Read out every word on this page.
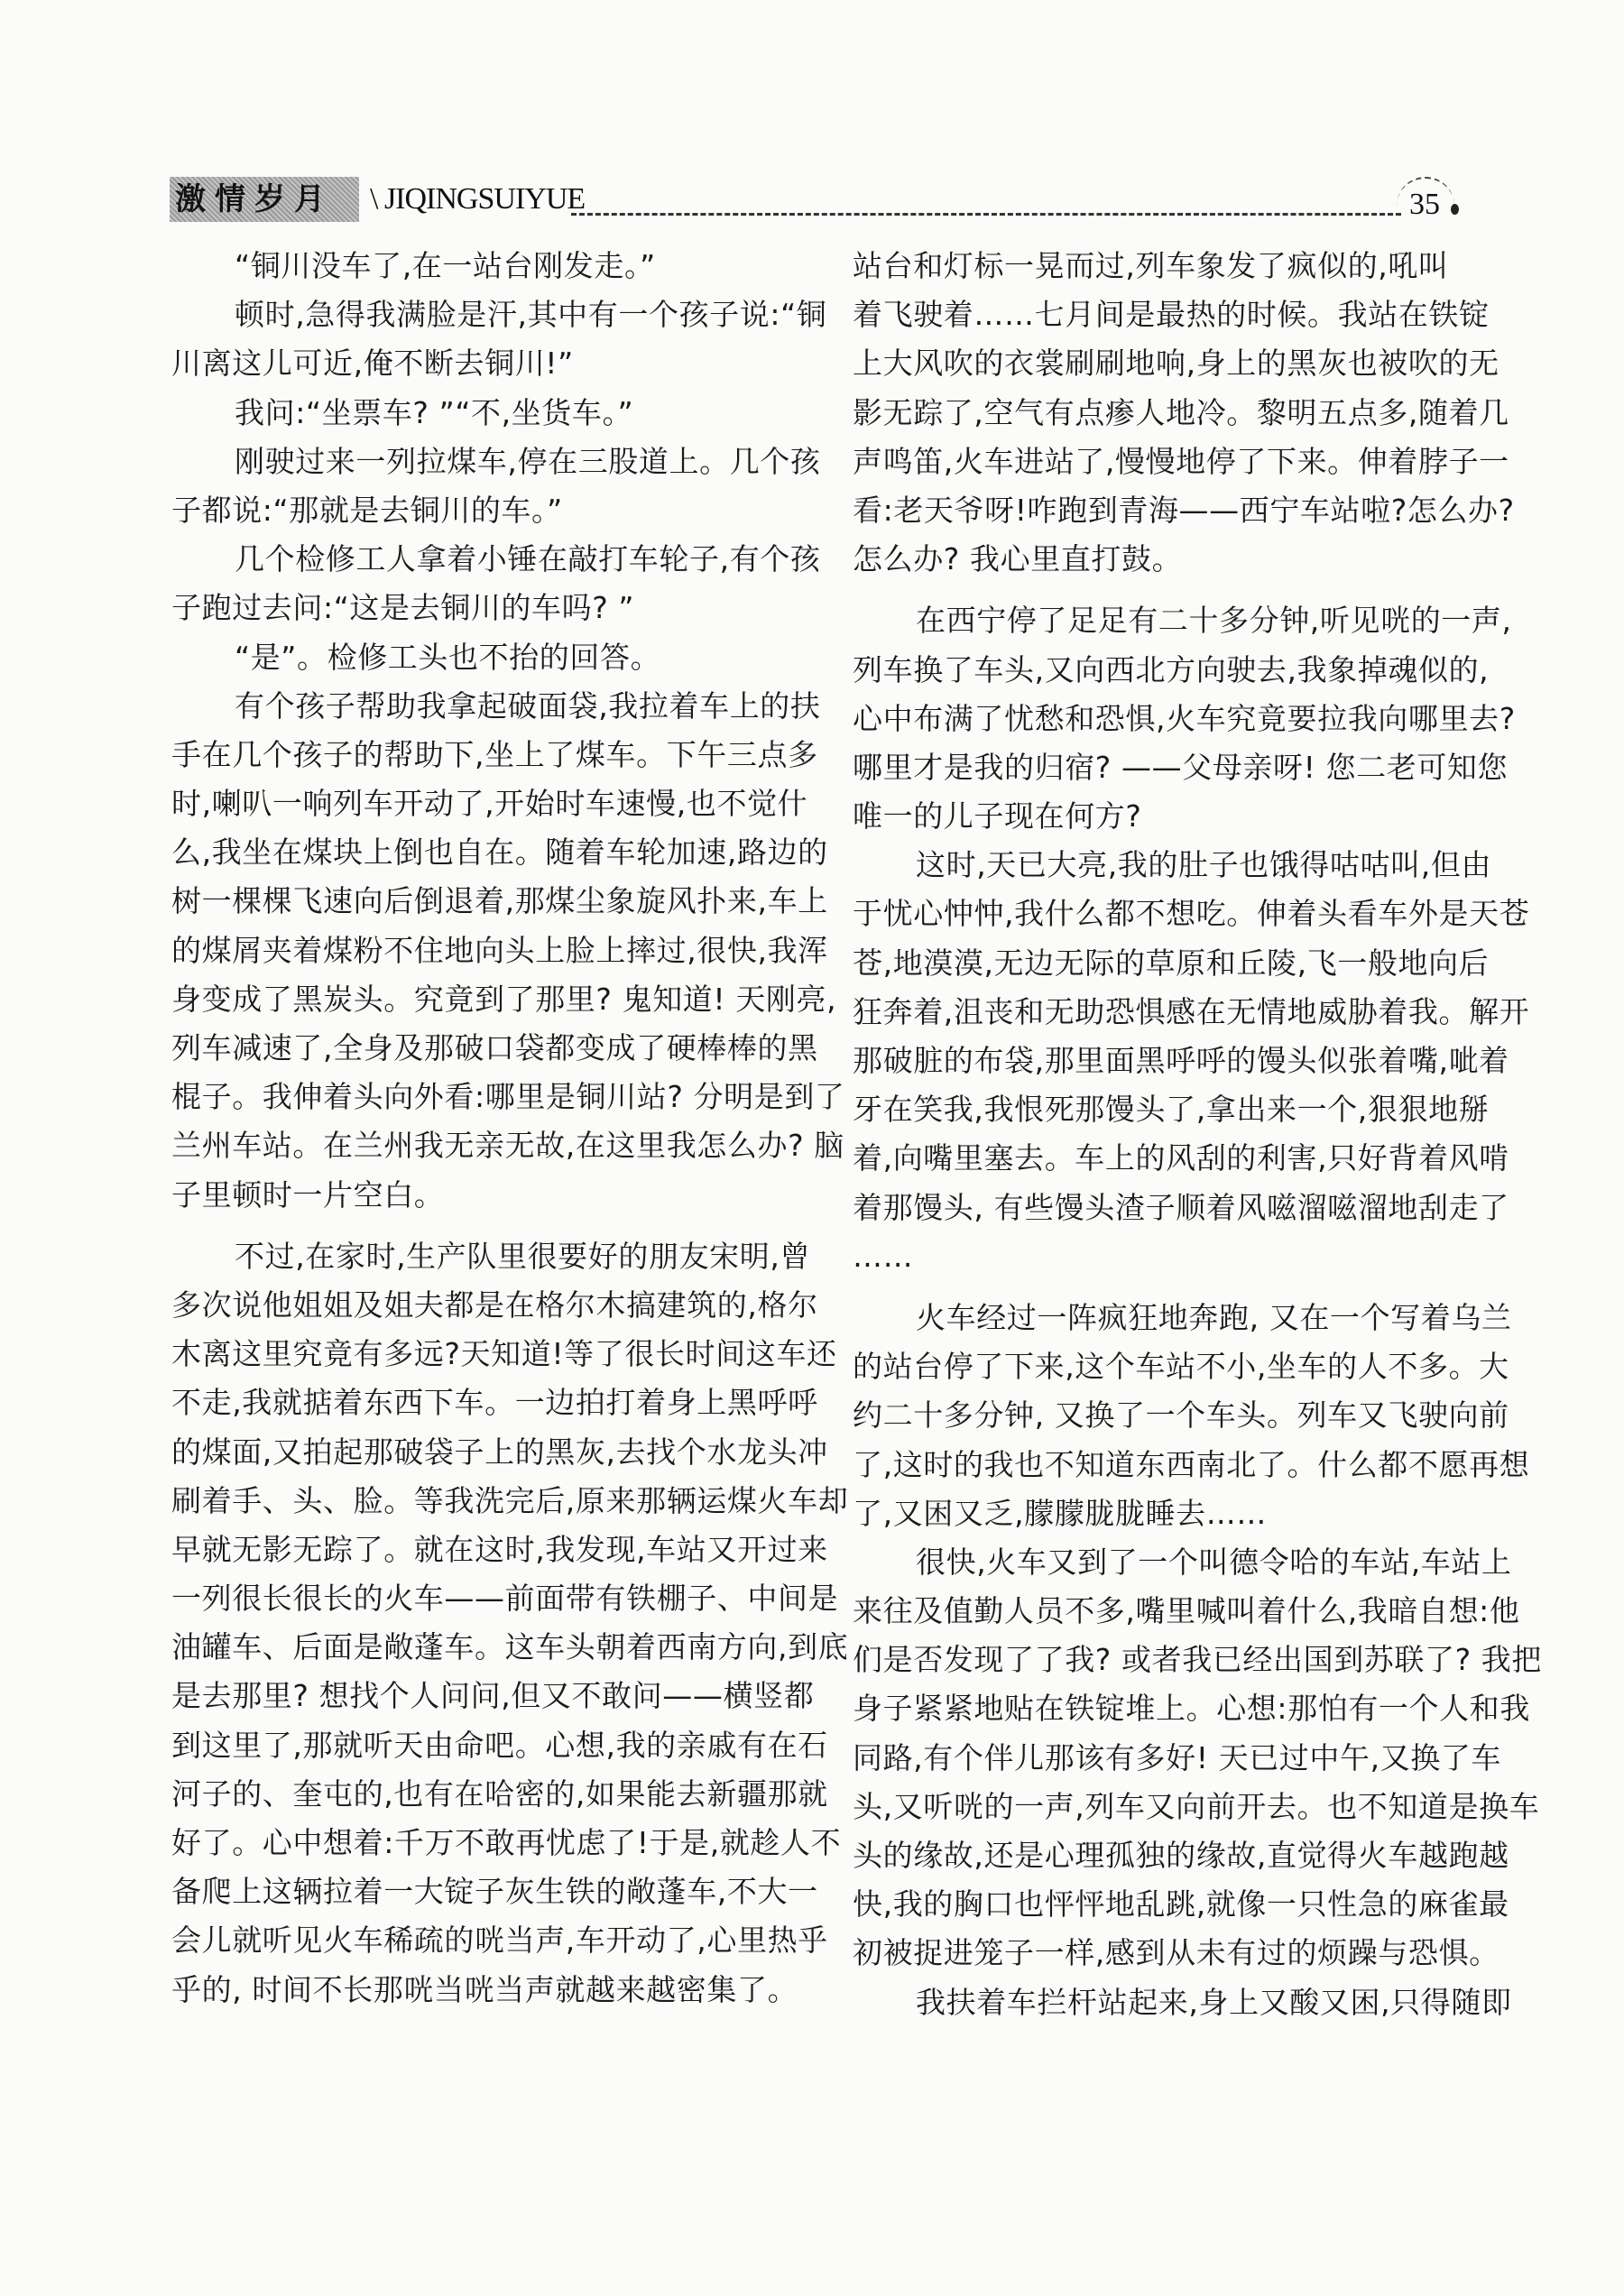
激情岁月	\ JIQINGSUIYUE	35
“铜川没车了,在一站台刚发走。”
顿时,急得我满脸是汗,其中有一个孩子说:“铜
川离这儿可近,俺不断去铜川!”
我问:“坐票车? ”“不,坐货车。”
刚驶过来一列拉煤车,停在三股道上。几个孩
子都说:“那就是去铜川的车。”
几个检修工人拿着小锤在敲打车轮子,有个孩
子跑过去问:“这是去铜川的车吗? ”
“是”。检修工头也不抬的回答。
有个孩子帮助我拿起破面袋,我拉着车上的扶
手在几个孩子的帮助下,坐上了煤车。下午三点多
时,喇叭一响列车开动了,开始时车速慢,也不觉什
么,我坐在煤块上倒也自在。随着车轮加速,路边的
树一棵棵飞速向后倒退着,那煤尘象旋风扑来,车上
的煤屑夹着煤粉不住地向头上脸上摔过,很快,我浑
身变成了黑炭头。究竟到了那里? 鬼知道! 天刚亮,
列车减速了,全身及那破口袋都变成了硬棒棒的黑
棍子。我伸着头向外看:哪里是铜川站? 分明是到了
兰州车站。在兰州我无亲无故,在这里我怎么办? 脑
子里顿时一片空白。
不过,在家时,生产队里很要好的朋友宋明,曾
多次说他姐姐及姐夫都是在格尔木搞建筑的,格尔
木离这里究竟有多远?天知道!等了很长时间这车还
不走,我就掂着东西下车。一边拍打着身上黑呼呼
的煤面,又拍起那破袋子上的黑灰,去找个水龙头冲
刷着手、头、脸。等我洗完后,原来那辆运煤火车却
早就无影无踪了。就在这时,我发现,车站又开过来
一列很长很长的火车——前面带有铁棚子、中间是
油罐车、后面是敞蓬车。这车头朝着西南方向,到底
是去那里? 想找个人问问,但又不敢问——横竖都
到这里了,那就听天由命吧。心想,我的亲戚有在石
河子的、奎屯的,也有在哈密的,如果能去新疆那就
好了。心中想着:千万不敢再忧虑了!于是,就趁人不
备爬上这辆拉着一大锭子灰生铁的敞蓬车,不大一
会儿就听见火车稀疏的咣当声,车开动了,心里热乎
乎的, 时间不长那咣当咣当声就越来越密集了。
站台和灯标一晃而过,列车象发了疯似的,吼叫
着飞驶着……七月间是最热的时候。我站在铁锭
上大风吹的衣裳刷刷地响,身上的黑灰也被吹的无
影无踪了,空气有点瘆人地冷。黎明五点多,随着几
声鸣笛,火车进站了,慢慢地停了下来。伸着脖子一
看:老天爷呀!咋跑到青海——西宁车站啦?怎么办?
怎么办? 我心里直打鼓。
在西宁停了足足有二十多分钟,听见咣的一声,
列车换了车头,又向西北方向驶去,我象掉魂似的,
心中布满了忧愁和恐惧,火车究竟要拉我向哪里去?
哪里才是我的归宿? ——父母亲呀! 您二老可知您
唯一的儿子现在何方?
这时,天已大亮,我的肚子也饿得咕咕叫,但由
于忧心忡忡,我什么都不想吃。伸着头看车外是天苍
苍,地漠漠,无边无际的草原和丘陵,飞一般地向后
狂奔着,沮丧和无助恐惧感在无情地威胁着我。解开
那破脏的布袋,那里面黑呼呼的馒头似张着嘴,呲着
牙在笑我,我恨死那馒头了,拿出来一个,狠狠地掰
着,向嘴里塞去。车上的风刮的利害,只好背着风啃
着那馒头, 有些馒头渣子顺着风嗞溜嗞溜地刮走了
……
火车经过一阵疯狂地奔跑, 又在一个写着乌兰
的站台停了下来,这个车站不小,坐车的人不多。大
约二十多分钟, 又换了一个车头。列车又飞驶向前
了,这时的我也不知道东西南北了。什么都不愿再想
了,又困又乏,朦朦胧胧睡去……
很快,火车又到了一个叫德令哈的车站,车站上
来往及值勤人员不多,嘴里喊叫着什么,我暗自想:他
们是否发现了了我? 或者我已经出国到苏联了? 我把
身子紧紧地贴在铁锭堆上。心想:那怕有一个人和我
同路,有个伴儿那该有多好! 天已过中午,又换了车
头,又听咣的一声,列车又向前开去。也不知道是换车
头的缘故,还是心理孤独的缘故,直觉得火车越跑越
快,我的胸口也怦怦地乱跳,就像一只性急的麻雀最
初被捉进笼子一样,感到从未有过的烦躁与恐惧。
我扶着车拦杆站起来,身上又酸又困,只得随即
